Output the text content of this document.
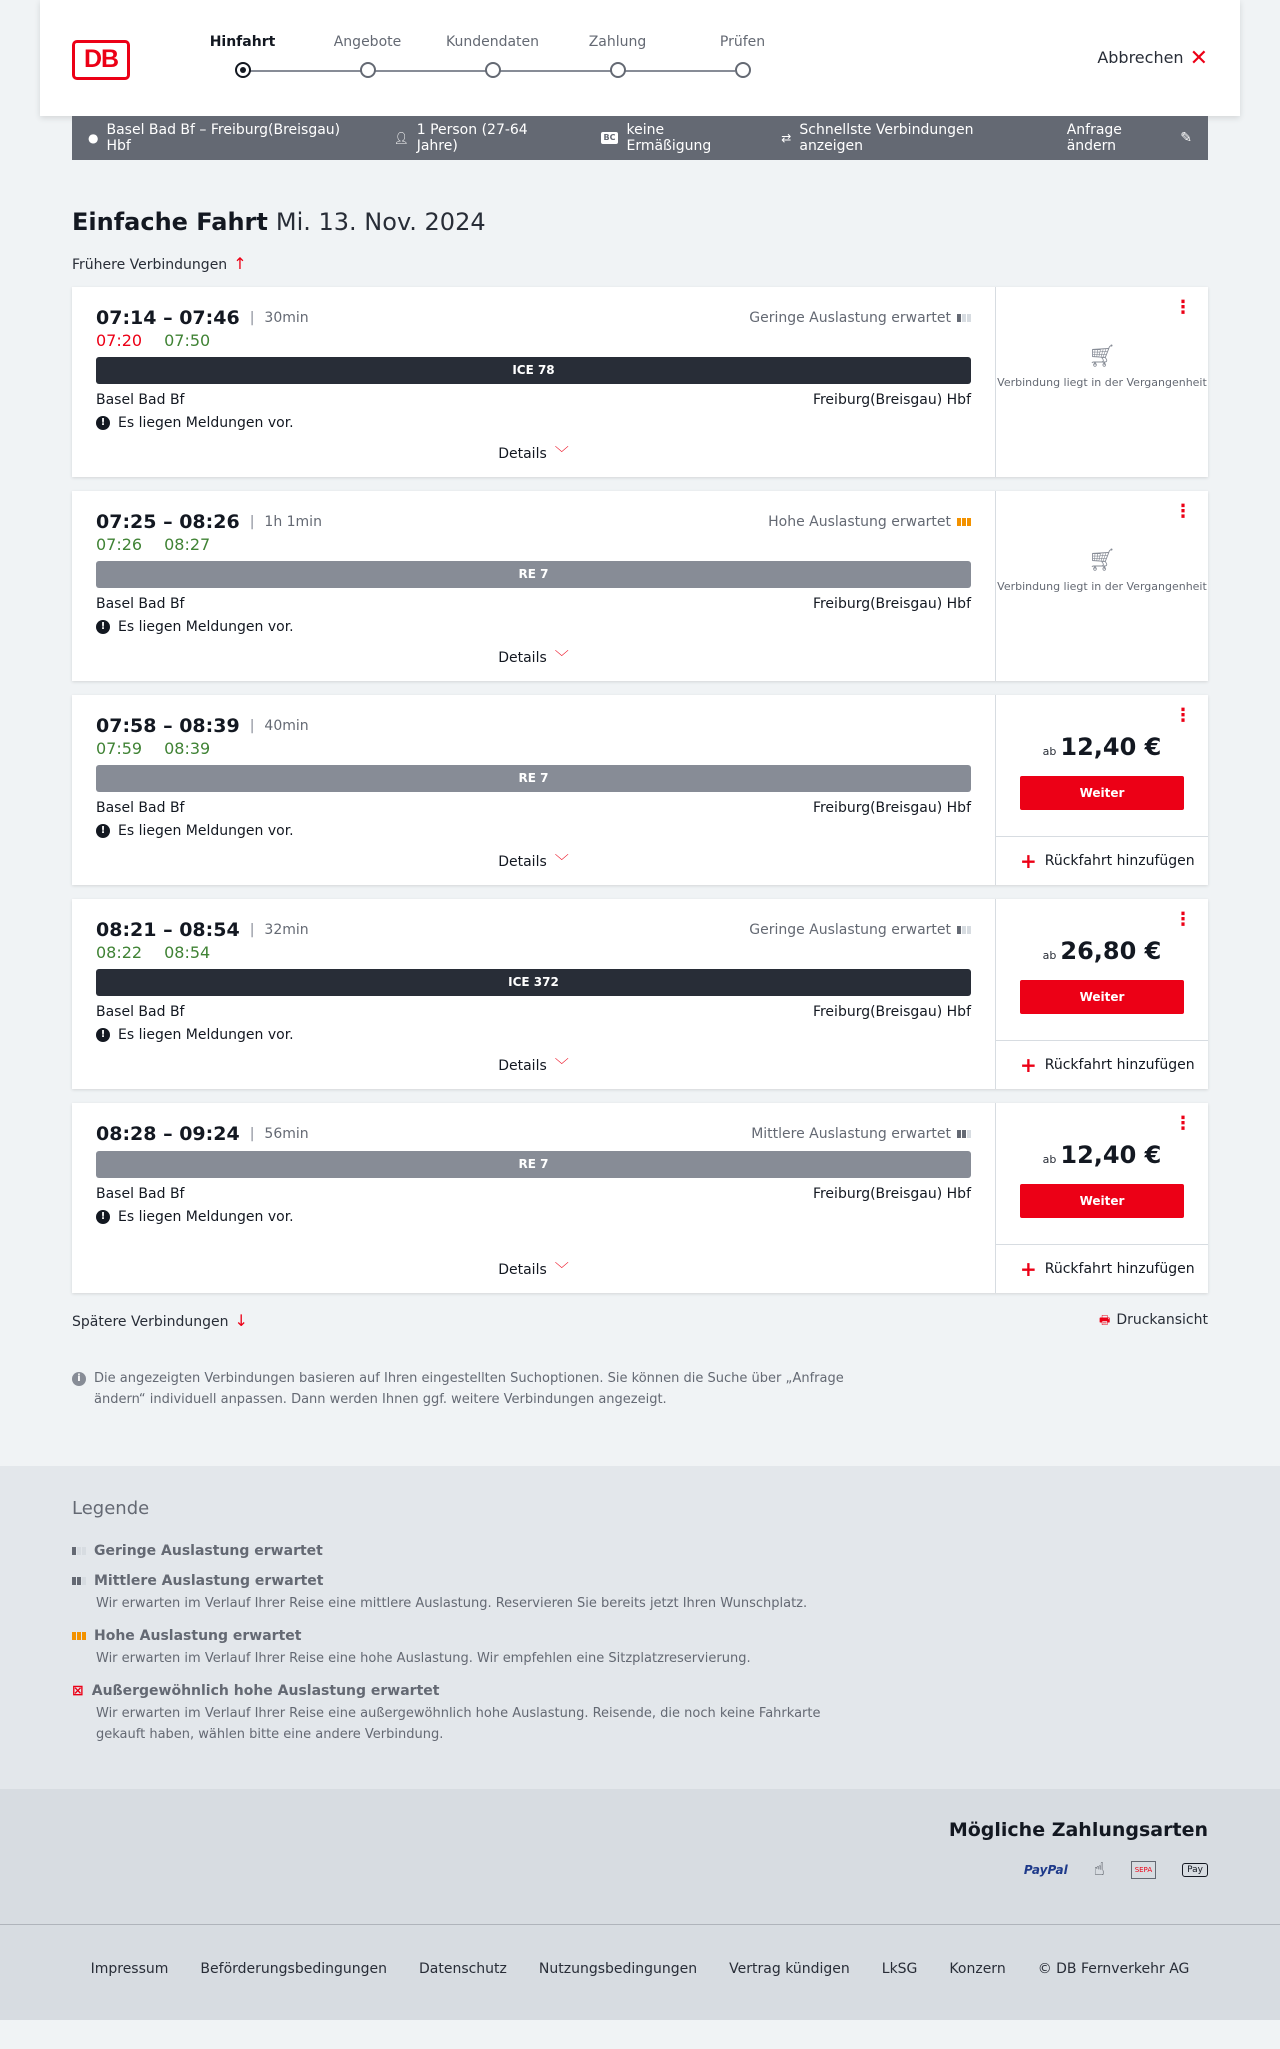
DB
Hinfahrt	Angebote	Kundendaten	Zahlung	Prüfen
Abbrechen ✕
● Basel Bad Bf – Freiburg(Breisgau) Hbf	👤︎ 1 Person (27-64 Jahre)
BC keine Ermäßigung	⇄ Schnellste Verbindungen anzeigen
Anfrage ändern	✎
Einfache Fahrt Mi. 13. Nov. 2024
Frühere Verbindungen ↑
07:14 – 07:46 | 30min	Geringe Auslastung erwartet
07:20 07:50
ICE 78
Basel Bad Bf	Freiburg(Breisgau) Hbf
! Es liegen Meldungen vor.
Details ﹀
⋮
🛒︎
Verbindung liegt in der Vergangenheit
07:25 – 08:26 | 1h 1min	Hohe Auslastung erwartet
07:26 08:27
RE 7
Basel Bad Bf	Freiburg(Breisgau) Hbf
! Es liegen Meldungen vor.
Details ﹀
⋮
🛒︎
Verbindung liegt in der Vergangenheit
07:58 – 08:39 | 40min
07:59 08:39
RE 7
Basel Bad Bf	Freiburg(Breisgau) Hbf
! Es liegen Meldungen vor.
Details ﹀
⋮
ab 12,40 €
Weiter
+ Rückfahrt hinzufügen
08:21 – 08:54 | 32min	Geringe Auslastung erwartet
08:22 08:54
ICE 372
Basel Bad Bf	Freiburg(Breisgau) Hbf
! Es liegen Meldungen vor.
Details ﹀
⋮
ab 26,80 €
Weiter
+ Rückfahrt hinzufügen
08:28 – 09:24 | 56min	Mittlere Auslastung erwartet
RE 7
Basel Bad Bf	Freiburg(Breisgau) Hbf
! Es liegen Meldungen vor.
Details ﹀
⋮
ab 12,40 €
Weiter
+ Rückfahrt hinzufügen
Spätere Verbindungen ↓	🖶︎ Druckansicht
i	Die angezeigten Verbindungen basieren auf Ihren eingestellten Suchoptionen. Sie können die Suche über „Anfrage ändern“ individuell anpassen. Dann werden Ihnen ggf. weitere Verbindungen angezeigt.
Legende
Geringe Auslastung erwartet
Mittlere Auslastung erwartet
Wir erwarten im Verlauf Ihrer Reise eine mittlere Auslastung. Reservieren Sie bereits jetzt Ihren Wunschplatz.
Hohe Auslastung erwartet
Wir erwarten im Verlauf Ihrer Reise eine hohe Auslastung. Wir empfehlen eine Sitzplatzreservierung.
⊠ Außergewöhnlich hohe Auslastung erwartet
Wir erwarten im Verlauf Ihrer Reise eine außergewöhnlich hohe Auslastung. Reisende, die noch keine Fahrkarte gekauft haben, wählen bitte eine andere Verbindung.
Mögliche Zahlungsarten
PayPal ☝︎	SEPA	Pay
Impressum Beförderungsbedingungen Datenschutz Nutzungsbedingungen Vertrag kündigen LkSG Konzern © DB Fernverkehr AG
